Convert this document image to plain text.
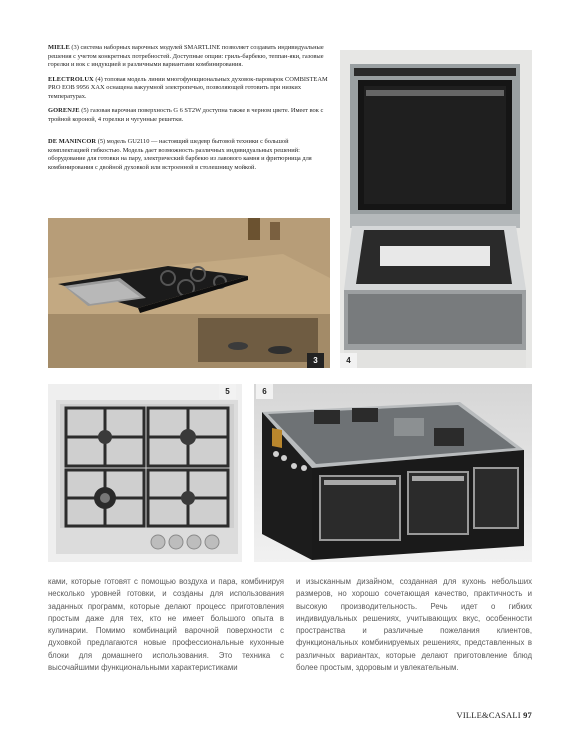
MIELE (3) система наборных варочных модулей SMARTLINE позволяет создавать индивидуальные решения с учетом конкретных потребностей. Доступные опции: гриль-барбекю, теппан-яки, газовые горелки и вок с индукцией и различными вариантами комбинирования.

ELECTROLUX (4) топовая модель линии многофункциональных духовок-пароварок COMBISTEAM PRO EOB 9956 XAX оснащена вакуумной электропечью, позволяющей готовить при низких температурах.

GORENJE (5) газовая варочная поверхность G 6 ST2W доступна также в черном цвете. Имеет вок с тройной короной, 4 горелки и чугунные решетки.

DE MANINCOR (5) модель GU2110 — настоящий шедевр бытовой техники с большой комплектацией гибкостью. Модель дает возможность различных индивидуальных решений: оборудование для готовки на пару, электрический барбекю из лавового камня и фритюрница для комбинирования с двойной духовкой или встроенной в столешницу мойкой.

3	4
5	6

ками, которые готовят с помощью воздуха и пара, комбинируя несколько уровней готовки, и созданы для использования заданных программ, которые делают процесс приготовления простым даже для тех, кто не имеет большого опыта в кулинарии. Помимо комбинаций варочной поверхности с духовкой предлагаются новые профессиональные кухонные блоки для домашнего использования. Это техника с высочайшими функциональными характеристиками

и изысканным дизайном, созданная для кухонь небольших размеров, но хорошо сочетающая качество, практичность и высокую производительность. Речь идет о гибких индивидуальных решениях, учитывающих вкус, особенности пространства и различные пожелания клиентов, функциональных комбинируемых решениях, представленных в различных вариантах, которые делают приготовление блюд более простым, здоровым и увлекательным.

VILLE&CASALI 97
